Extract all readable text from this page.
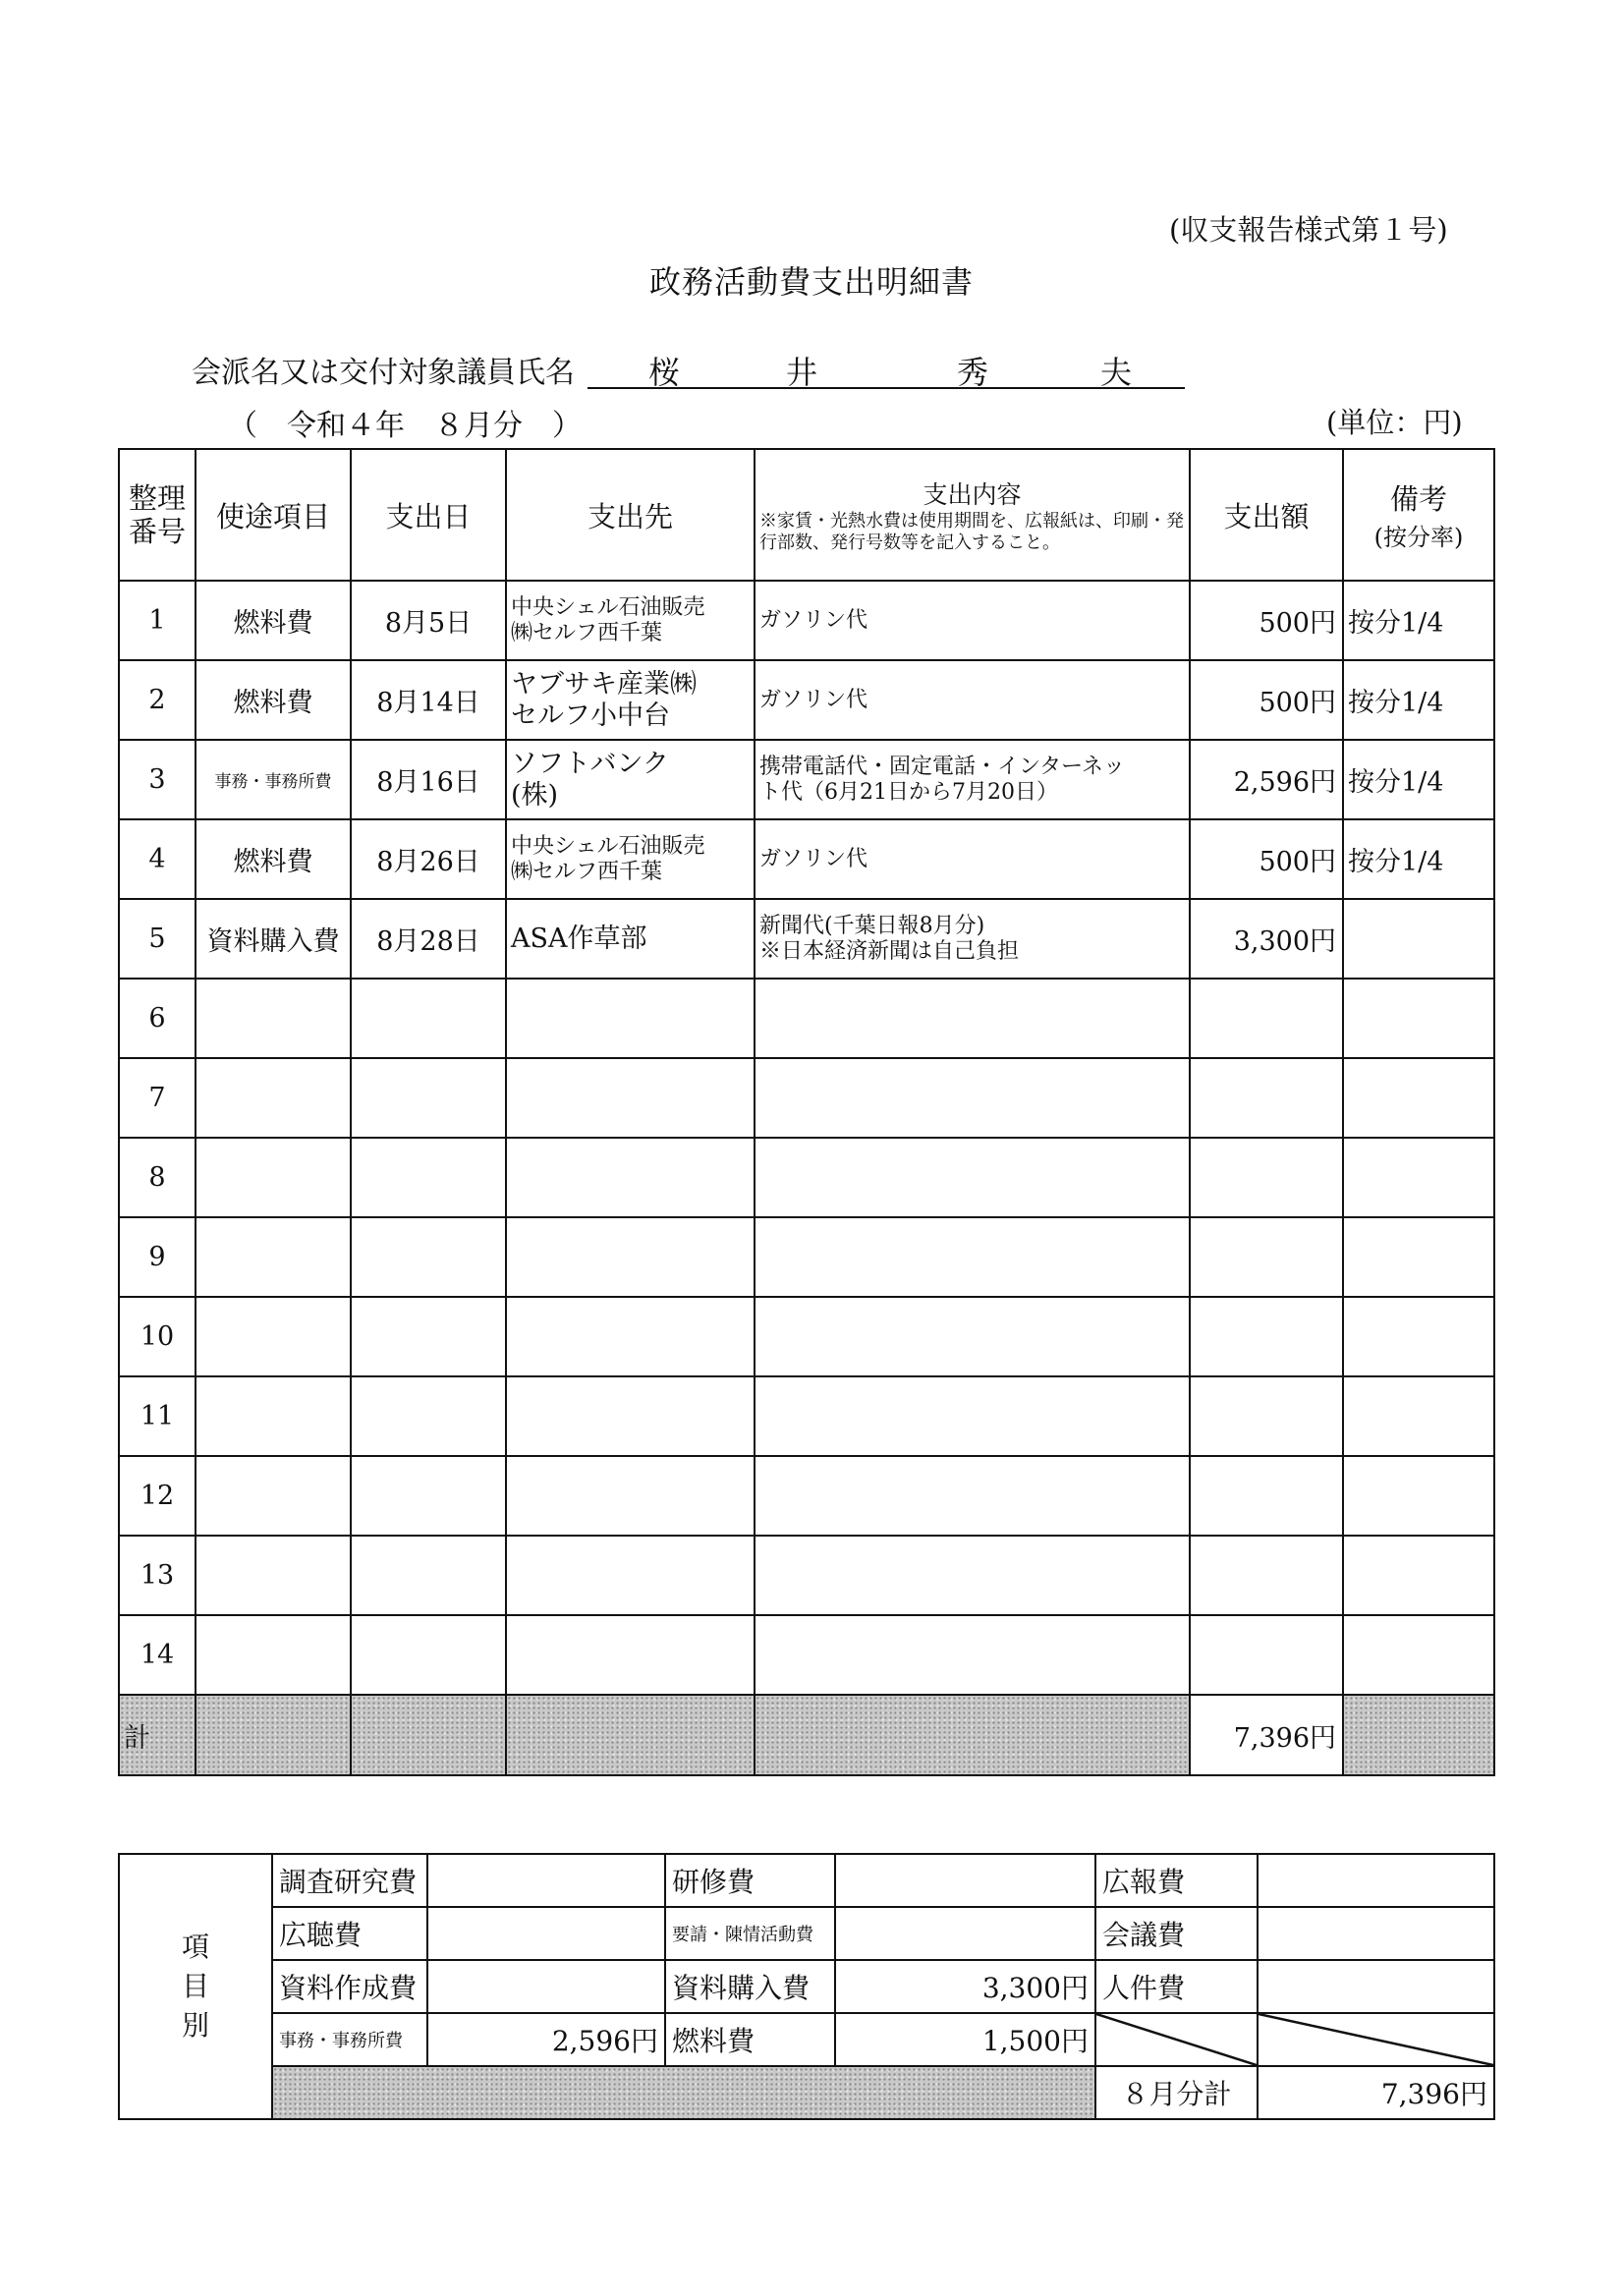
(収支報告様式第１号)
政務活動費支出明細書
会派名又は交付対象議員氏名 桜	井	秀	夫
（　令和４年　８月分　）	(単位：円)
整理
番号	使途項目	支出日	支出先	支出内容
※家賃・光熱水費は使用期間を、広報紙は、印刷・発行部数、発行号数等を記入すること。	支出額	備考
(按分率)

1	燃料費	8月5日	中央シェル石油販売
㈱セルフ西千葉	ガソリン代	500円	按分1/4

2	燃料費	8月14日	ヤブサキ産業㈱
セルフ小中台	ガソリン代	500円	按分1/4

3	事務・事務所費	8月16日	ソフトバンク
(株)	携帯電話代・固定電話・インターネッ
ト代（6月21日から7月20日）	2,596円	按分1/4

4	燃料費	8月26日	中央シェル石油販売
㈱セルフ西千葉	ガソリン代	500円	按分1/4

5	資料購入費	8月28日	ASA作草部	新聞代(千葉日報8月分)
※日本経済新聞は自己負担	3,300円	

6						
7						
8						
9						
10						
11						
12						
13						
14						
計					7,396円	
項
目
別	調査研究費		研修費		広報費	
	広聴費		要請・陳情活動費		会議費	
	資料作成費		資料購入費	3,300円	人件費	
	事務・事務所費	2,596円	燃料費	1,500円		
					８月分計	7,396円
